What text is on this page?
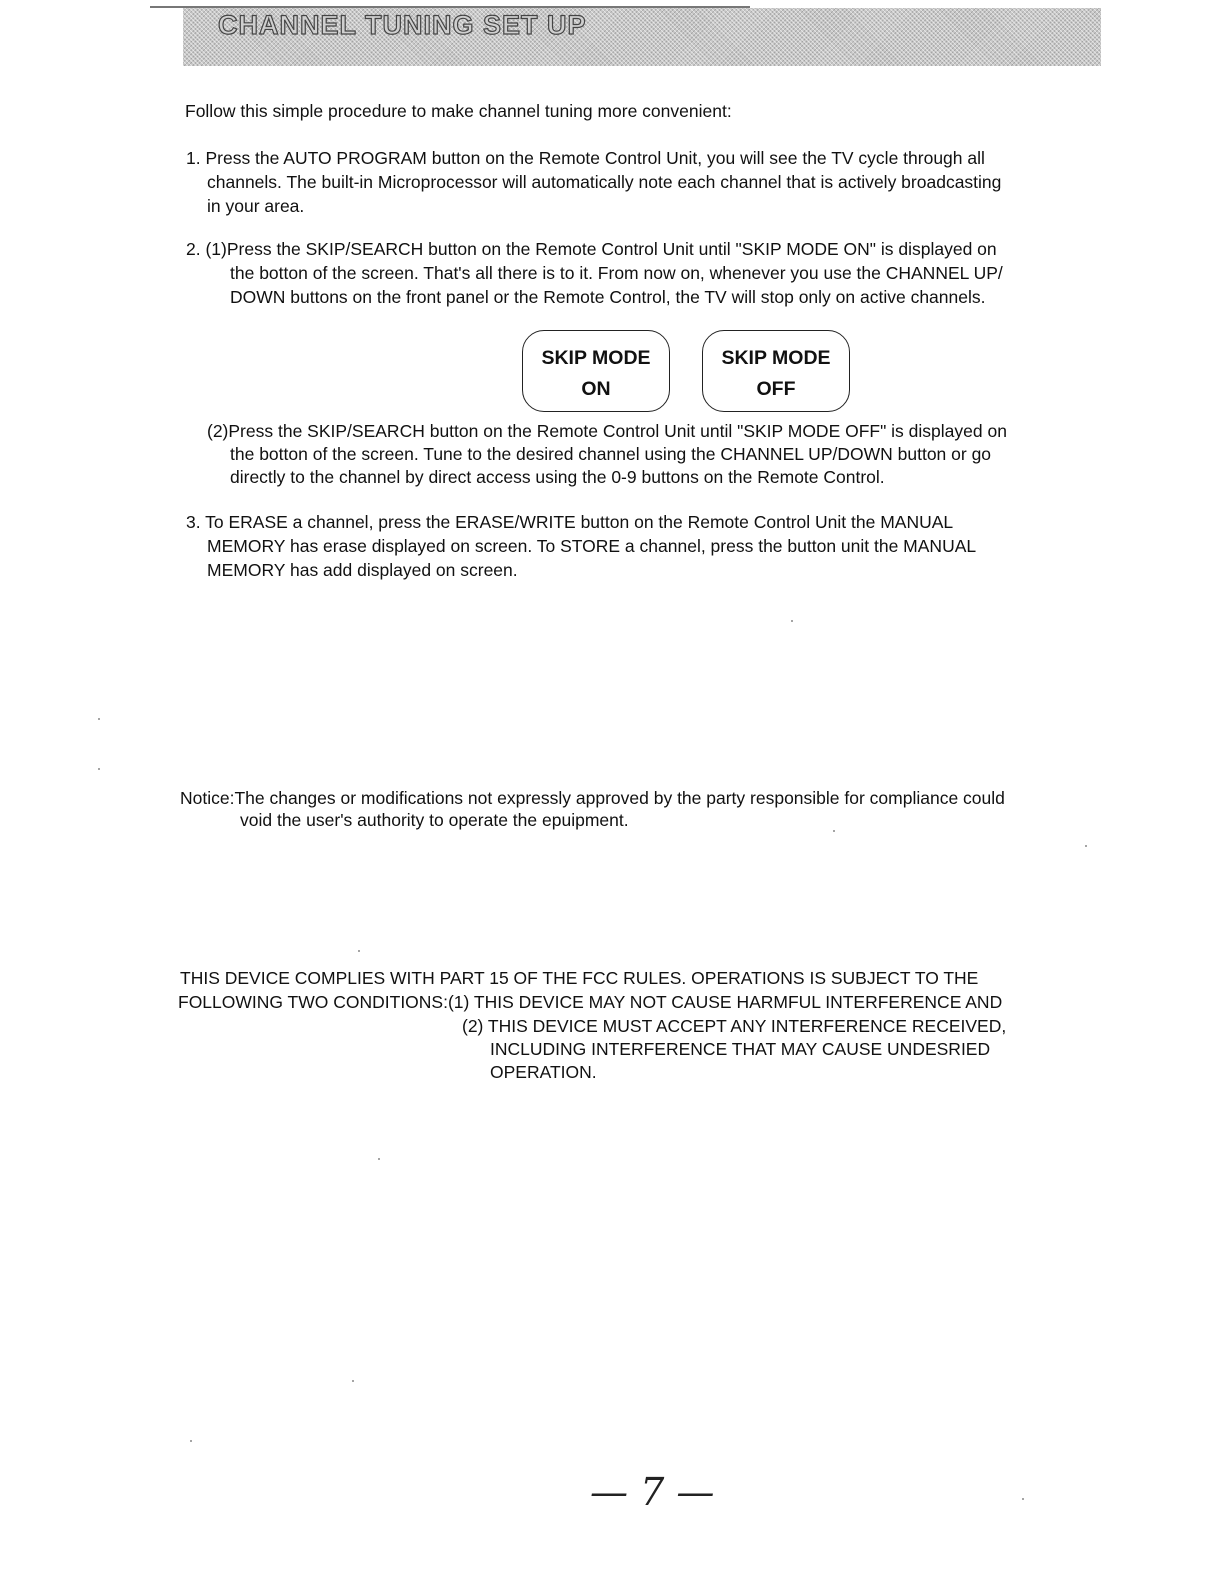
CHANNEL TUNING SET UP
Follow this simple procedure to make channel tuning more convenient:
1. Press the AUTO PROGRAM button on the Remote Control Unit, you will see the TV cycle through all
channels. The built-in Microprocessor will automatically note each channel that is actively broadcasting
in your area.
2. (1)Press the SKIP/SEARCH button on the Remote Control Unit until "SKIP MODE ON" is displayed on
the botton of the screen. That's all there is to it. From now on, whenever you use the CHANNEL UP/
DOWN buttons on the front panel or the Remote Control, the TV will stop only on active channels.
SKIP MODE
ON
SKIP MODE
OFF
(2)Press the SKIP/SEARCH button on the Remote Control Unit until "SKIP MODE OFF" is displayed on
the botton of the screen. Tune to the desired channel using the CHANNEL UP/DOWN button or go
directly to the channel by direct access using the 0-9 buttons on the Remote Control.
3. To ERASE a channel, press the ERASE/WRITE button on the Remote Control Unit the MANUAL
MEMORY has erase displayed on screen. To STORE a channel, press the button unit the MANUAL
MEMORY has add displayed on screen.
Notice:The changes or modifications not expressly approved by the party responsible for compliance could
void the user's authority to operate the epuipment.
THIS DEVICE COMPLIES WITH PART 15 OF THE FCC RULES. OPERATIONS IS SUBJECT TO THE
FOLLOWING TWO CONDITIONS:(1) THIS DEVICE MAY NOT CAUSE HARMFUL INTERFERENCE AND
(2) THIS DEVICE MUST ACCEPT ANY INTERFERENCE RECEIVED,
INCLUDING INTERFERENCE THAT MAY CAUSE UNDESRIED
OPERATION.
— 7 —
